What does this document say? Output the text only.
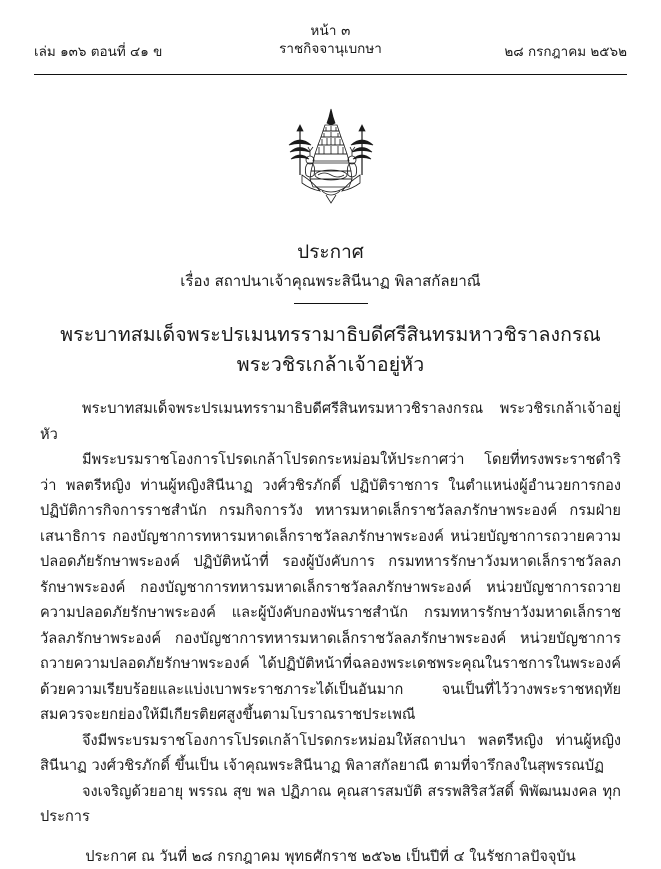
หน้า ๓
ราชกิจจานุเบกษา
เล่ม ๑๓๖ ตอนที่ ๔๑ ข	๒๘ กรกฎาคม ๒๕๖๒
ประกาศ
เรื่อง สถาปนาเจ้าคุณพระสินีนาฏ พิลาสกัลยาณี
พระบาทสมเด็จพระปรเมนทรรามาธิบดีศรีสินทรมหาวชิราลงกรณ
พระวชิรเกล้าเจ้าอยู่หัว

พระบาทสมเด็จพระปรเมนทรรามาธิบดีศรีสินทรมหาวชิราลงกรณ พระวชิรเกล้าเจ้าอยู่หัว

มีพระบรมราชโองการโปรดเกล้าโปรดกระหม่อมให้ประกาศว่า โดยที่ทรงพระราชดำริว่า พลตรีหญิง ท่านผู้หญิงสินีนาฏ วงศ์วชิรภักดิ์ ปฏิบัติราชการ ในตำแหน่งผู้อำนวยการกองปฏิบัติการกิจการราชสำนัก กรมกิจการวัง ทหารมหาดเล็กราชวัลลภรักษาพระองค์ กรมฝ่ายเสนาธิการ กองบัญชาการทหารมหาดเล็กราชวัลลภรักษาพระองค์ หน่วยบัญชาการถวายความปลอดภัยรักษาพระองค์ ปฏิบัติหน้าที่ รองผู้บังคับการ กรมทหารรักษาวังมหาดเล็กราชวัลลภรักษาพระองค์ กองบัญชาการทหารมหาดเล็กราชวัลลภรักษาพระองค์ หน่วยบัญชาการถวายความปลอดภัยรักษาพระองค์ และผู้บังคับกองพันราชสำนัก กรมทหารรักษาวังมหาดเล็กราชวัลลภรักษาพระองค์ กองบัญชาการทหารมหาดเล็กราชวัลลภรักษาพระองค์ หน่วยบัญชาการถวายความปลอดภัยรักษาพระองค์ ได้ปฏิบัติหน้าที่ฉลองพระเดชพระคุณในราชการในพระองค์ด้วยความเรียบร้อยและแบ่งเบาพระราชภาระได้เป็นอันมาก จนเป็นที่ไว้วางพระราชหฤทัย สมควรจะยกย่องให้มีเกียรติยศสูงขึ้นตามโบราณราชประเพณี

จึงมีพระบรมราชโองการโปรดเกล้าโปรดกระหม่อมให้สถาปนา พลตรีหญิง ท่านผู้หญิงสินีนาฏ วงศ์วชิรภักดิ์ ขึ้นเป็น เจ้าคุณพระสินีนาฏ พิลาสกัลยาณี ตามที่จารึกลงในสุพรรณบัฏ

จงเจริญด้วยอายุ พรรณ สุข พล ปฏิภาณ คุณสารสมบัติ สรรพสิริสวัสดิ์ พิพัฒนมงคล ทุกประการ

ประกาศ ณ วันที่ ๒๘ กรกฎาคม พุทธศักราช ๒๕๖๒ เป็นปีที่ ๔ ในรัชกาลปัจจุบัน
